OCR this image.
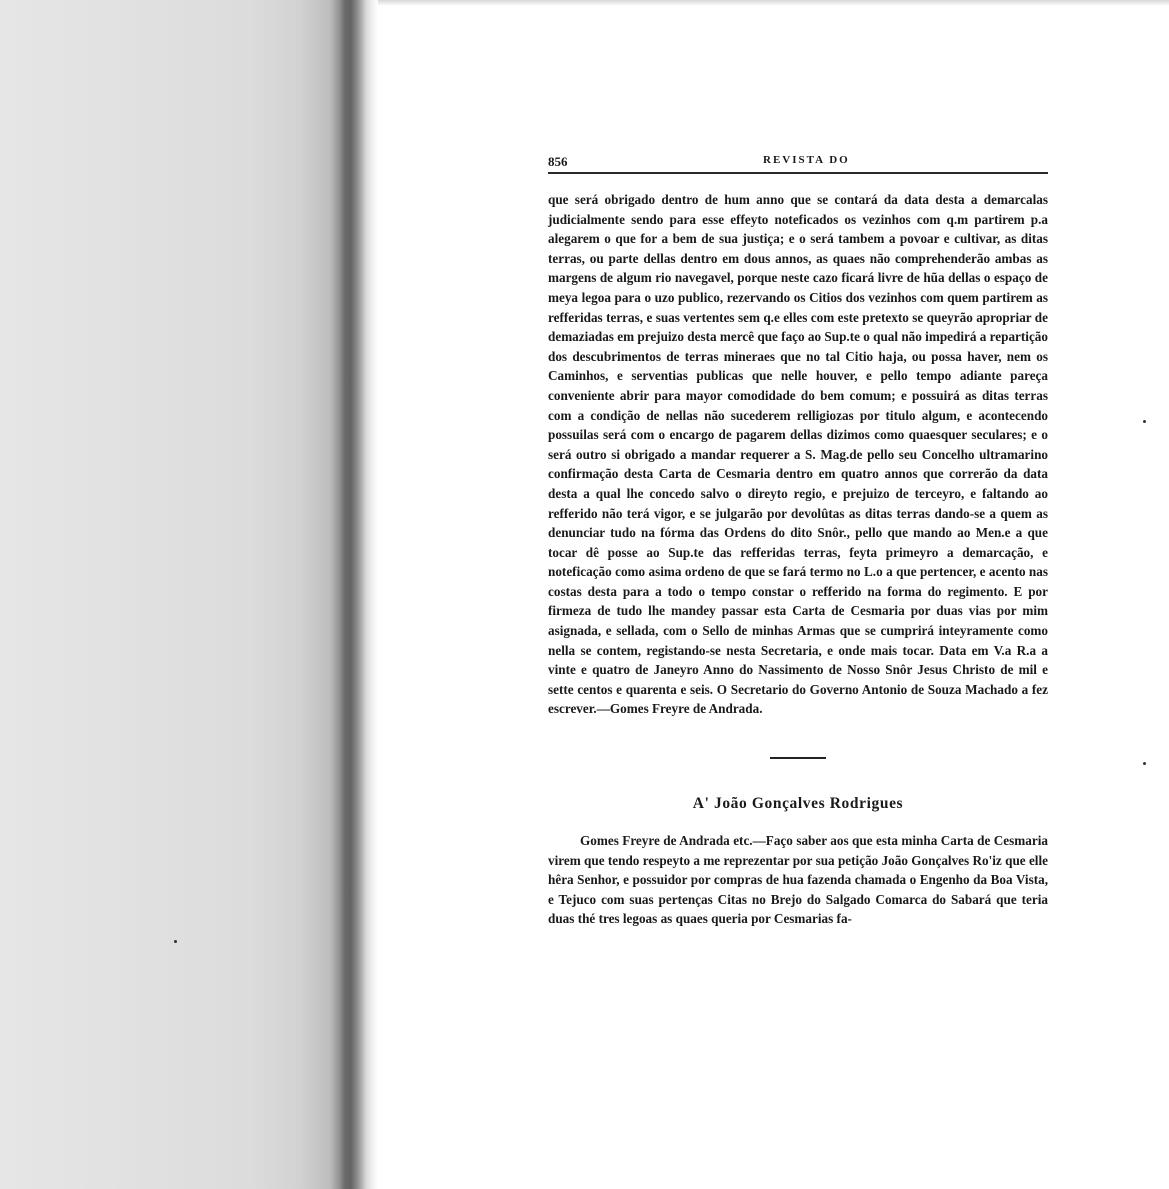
856	REVISTA DO

que será obrigado dentro de hum anno que se contará da data desta a demarcalas judicialmente sendo para esse effeyto noteficados os vezinhos com q.m partirem p.a alegarem o que for a bem de sua justiça; e o será tambem a povoar e cultivar, as ditas terras, ou parte dellas dentro em dous annos, as quaes não comprehenderão ambas as margens de algum rio navegavel, porque neste cazo ficará livre de hũa dellas o espaço de meya legoa para o uzo publico, rezervando os Citios dos vezinhos com quem partirem as refferidas terras, e suas vertentes sem q.e elles com este pretexto se queyrão apropriar de demaziadas em prejuizo desta mercê que faço ao Sup.te o qual não impedirá a repartição dos descubrimentos de terras mineraes que no tal Citio haja, ou possa haver, nem os Caminhos, e serventias publicas que nelle houver, e pello tempo adiante pareça conveniente abrir para mayor comodidade do bem comum; e possuirá as ditas terras com a condição de nellas não sucederem relligiozas por titulo algum, e acontecendo possuilas será com o encargo de pagarem dellas dizimos como quaesquer seculares; e o será outro si obrigado a mandar requerer a S. Mag.de pello seu Concelho ultramarino confirmação desta Carta de Cesmaria dentro em quatro annos que correrão da data desta a qual lhe concedo salvo o direyto regio, e prejuizo de terceyro, e faltando ao refferido não terá vigor, e se julgarão por devolûtas as ditas terras dando-se a quem as denunciar tudo na fórma das Ordens do dito Snôr., pello que mando ao Men.e a que tocar dê posse ao Sup.te das refferidas terras, feyta primeyro a demarcação, e noteficação como asima ordeno de que se fará termo no L.o a que pertencer, e acento nas costas desta para a todo o tempo constar o refferido na forma do regimento. E por firmeza de tudo lhe mandey passar esta Carta de Cesmaria por duas vias por mim asignada, e sellada, com o Sello de minhas Armas que se cumprirá inteyramente como nella se contem, registando-se nesta Secretaria, e onde mais tocar. Data em V.a R.a a vinte e quatro de Janeyro Anno do Nassimento de Nosso Snôr Jesus Christo de mil e sette centos e quarenta e seis. O Secretario do Governo Antonio de Souza Machado a fez escrever.—Gomes Freyre de Andrada.

A' João Gonçalves Rodrigues

Gomes Freyre de Andrada etc.—Faço saber aos que esta minha Carta de Cesmaria virem que tendo respeyto a me reprezentar por sua petição João Gonçalves Ro'iz que elle hêra Senhor, e possuidor por compras de hua fazenda chamada o Engenho da Boa Vista, e Tejuco com suas pertenças Citas no Brejo do Salgado Comarca do Sabará que teria duas thé tres legoas as quaes queria por Cesmarias fa-
